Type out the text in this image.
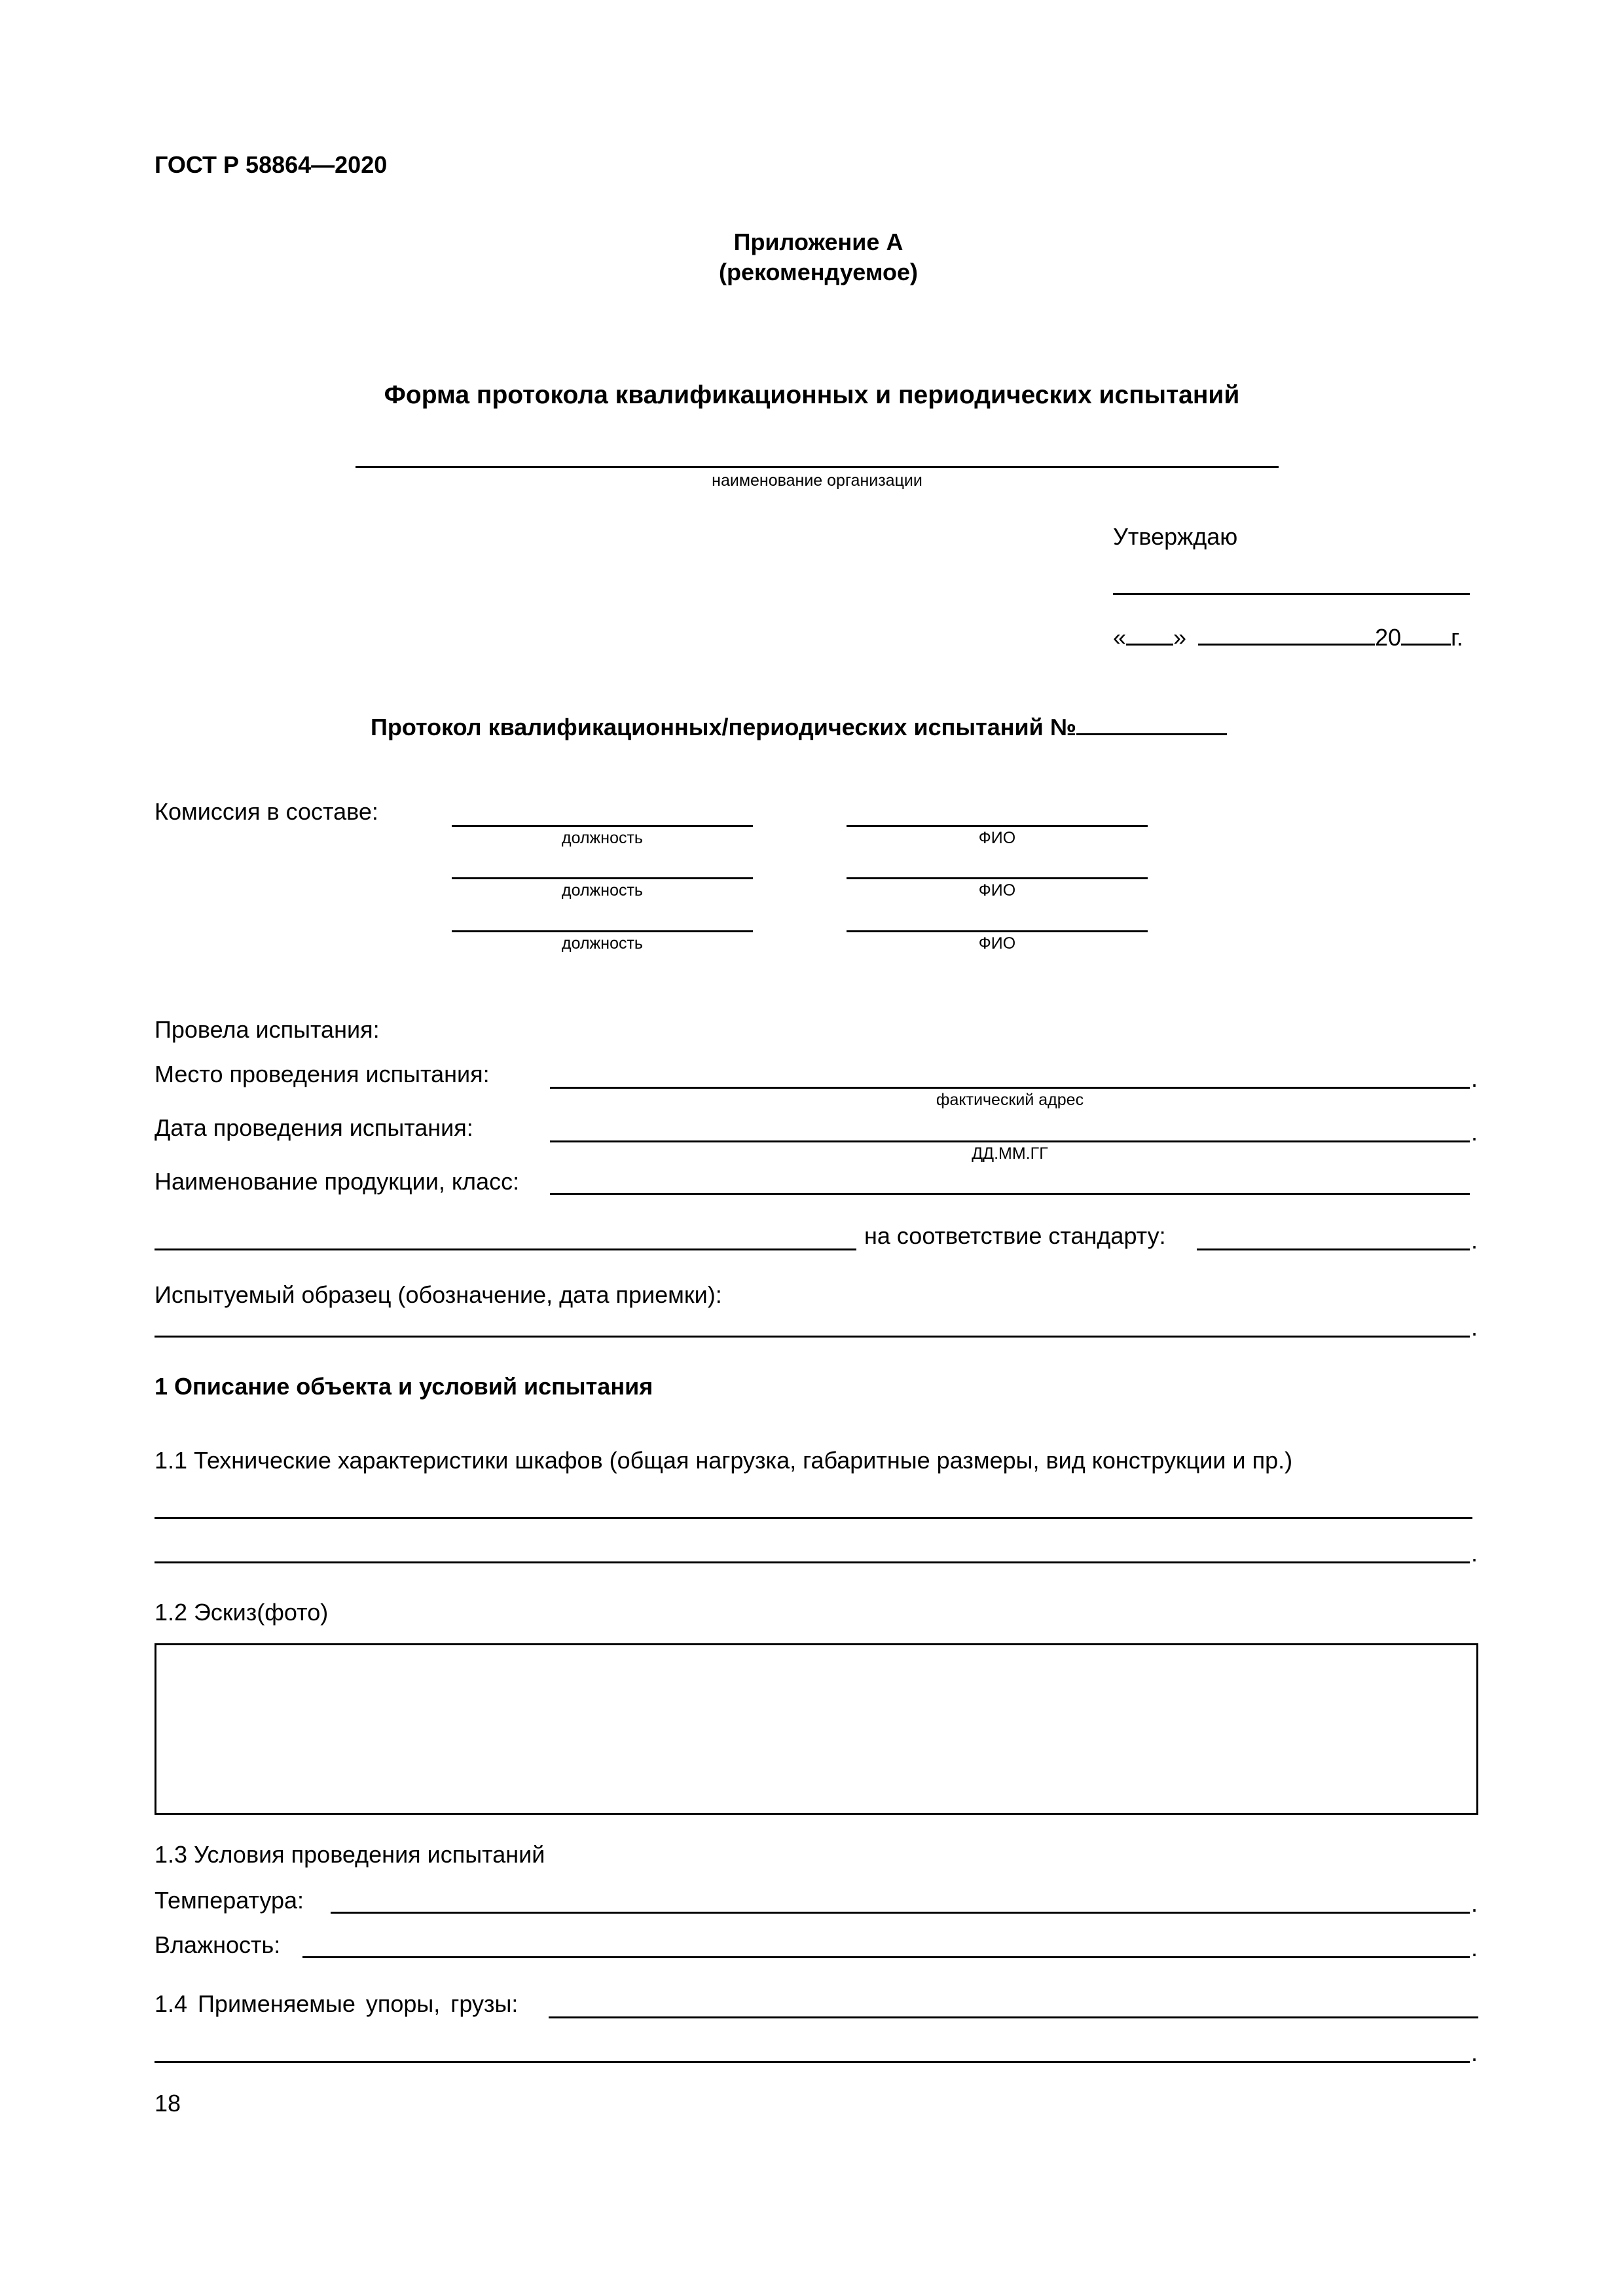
ГОСТ Р 58864—2020
Приложение А
(рекомендуемое)
Форма протокола квалификационных и периодических испытаний
наименование организации
Утверждаю
« »	20 г.
Протокол квалификационных/периодических испытаний №
Комиссия в составе:
должность	ФИО
должность	ФИО
должность	ФИО
Провела испытания:
Место проведения испытания:	.
фактический адрес
Дата проведения испытания:	.
ДД.ММ.ГГ
Наименование продукции, класс:
на соответствие стандарту:	.
Испытуемый образец (обозначение, дата приемки):
.
1 Описание объекта и условий испытания
1.1 Технические характеристики шкафов (общая нагрузка, габаритные размеры, вид конструкции и пр.)
.
1.2 Эскиз(фото)
1.3 Условия проведения испытаний
Температура:	.
Влажность:	.
1.4 Применяемые упоры, грузы:
.
18
